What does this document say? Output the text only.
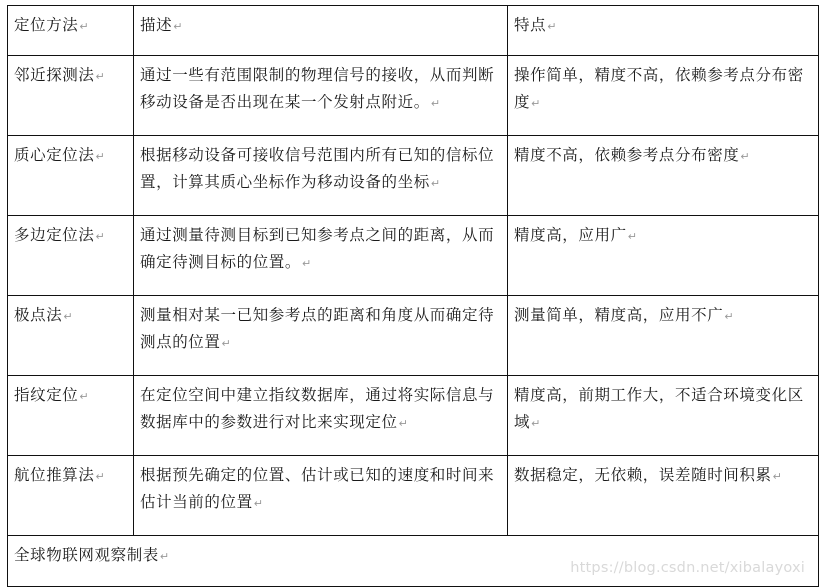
定位方法↵	描述↵	特点↵
邻近探测法↵	通过一些有范围限制的物理信号的接收，从而判断移动设备是否出现在某一个发射点附近。↵	操作简单，精度不高，依赖参考点分布密度↵
质心定位法↵	根据移动设备可接收信号范围内所有已知的信标位置，计算其质心坐标作为移动设备的坐标↵	精度不高，依赖参考点分布密度↵
多边定位法↵	通过测量待测目标到已知参考点之间的距离，从而确定待测目标的位置。↵	精度高，应用广↵
极点法↵	测量相对某一已知参考点的距离和角度从而确定待测点的位置↵	测量简单，精度高，应用不广↵
指纹定位↵	在定位空间中建立指纹数据库，通过将实际信息与数据库中的参数进行对比来实现定位↵	精度高，前期工作大，不适合环境变化区域↵
航位推算法↵	根据预先确定的位置、估计或已知的速度和时间来估计当前的位置↵	数据稳定，无依赖，误差随时间积累↵
全球物联网观察制表↵		
https://blog.csdn.net/xibalayoxi
